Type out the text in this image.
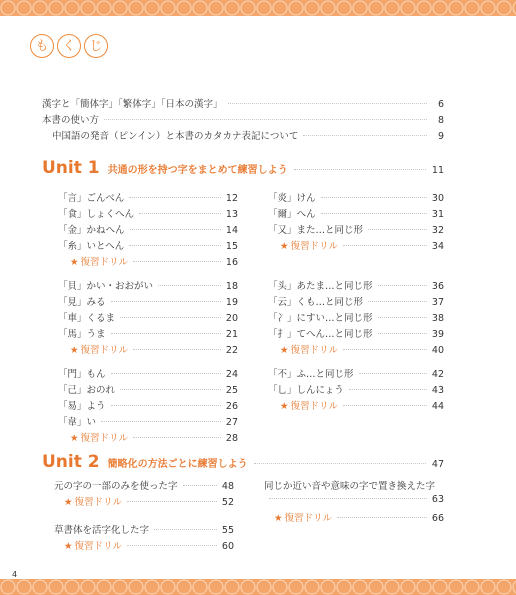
も	く	じ
漢字と「簡体字」「繁体字」「日本の漢字」	6
本書の使い方	8
中国語の発音（ピンイン）と本書のカタカナ表記について	9
Unit 1 共通の形を持つ字をまとめて練習しよう	11
「言」ごんべん	12
「食」しょくへん	13
「金」かねへん	14
「糸」いとへん	15
★ 復習ドリル	16
「貝」かい・おおがい	18
「見」みる	19
「車」くるま	20
「馬」うま	21
★ 復習ドリル	22
「門」もん	24
「己」おのれ	25
「易」よう	26
「韋」い	27
★ 復習ドリル	28
「炎」けん	30
「爾」へん	31
「又」また…と同じ形	32
★ 復習ドリル	34
「头」あたま…と同じ形	36
「云」くも…と同じ形	37
「冫」にすい…と同じ形	38
「扌」てへん…と同じ形	39
★ 復習ドリル	40
「不」ふ…と同じ形	42
「乚」しんにょう	43
★ 復習ドリル	44
Unit 2 簡略化の方法ごとに練習しよう	47
元の字の一部のみを使った字	48
★ 復習ドリル	52
草書体を活字化した字	55
★ 復習ドリル	60
同じか近い音や意味の字で置き換えた字
63
★ 復習ドリル	66
4
